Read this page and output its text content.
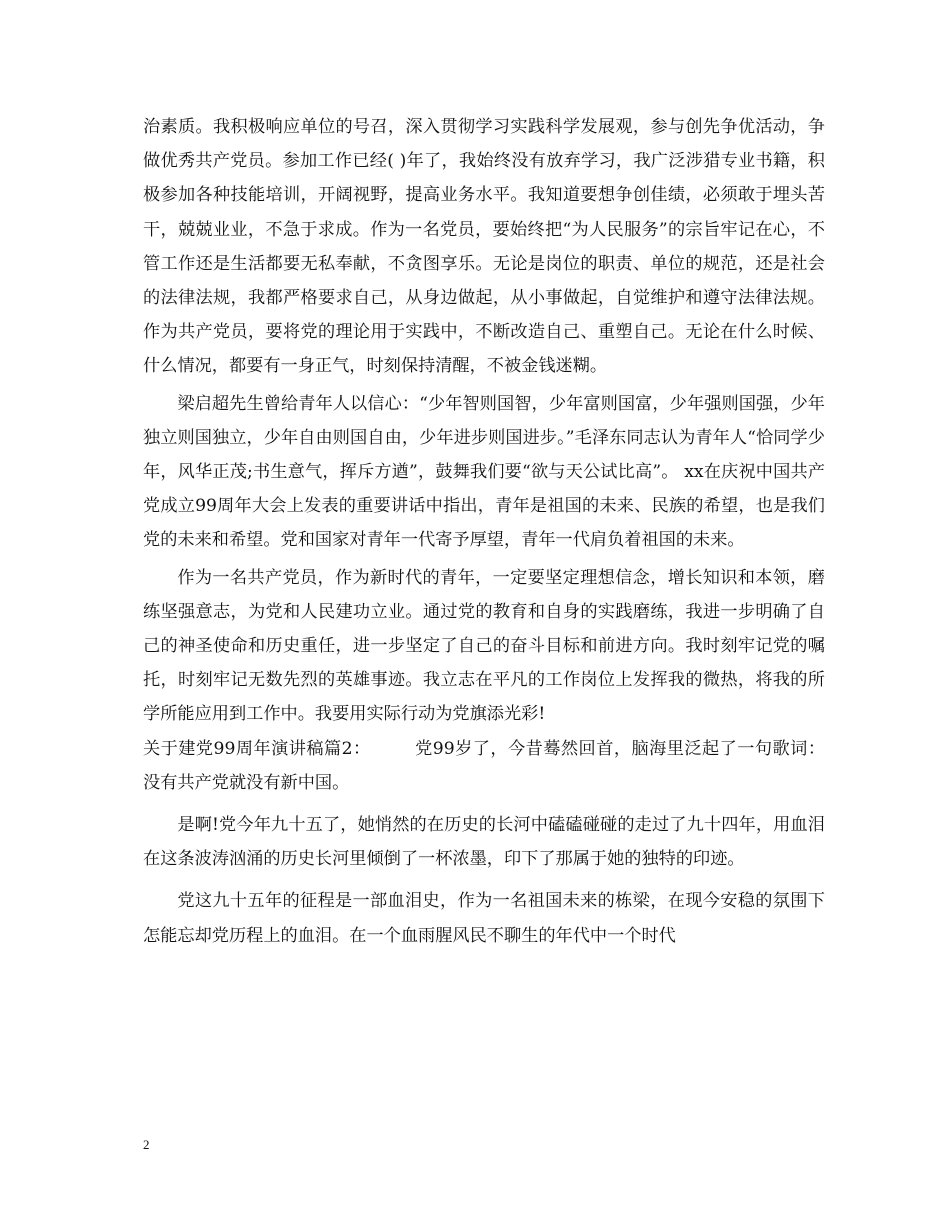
治素质。我积极响应单位的号召，深入贯彻学习实践科学发展观，参与创先争优活动，争做优秀共产党员。参加工作已经( )年了，我始终没有放弃学习，我广泛涉猎专业书籍，积极参加各种技能培训，开阔视野，提高业务水平。我知道要想争创佳绩，必须敢于埋头苦干，兢兢业业，不急于求成。作为一名党员，要始终把“为人民服务”的宗旨牢记在心，不管工作还是生活都要无私奉献，不贪图享乐。无论是岗位的职责、单位的规范，还是社会的法律法规，我都严格要求自己，从身边做起，从小事做起，自觉维护和遵守法律法规。作为共产党员，要将党的理论用于实践中，不断改造自己、重塑自己。无论在什么时候、什么情况，都要有一身正气，时刻保持清醒，不被金钱迷糊。

梁启超先生曾给青年人以信心：“少年智则国智，少年富则国富，少年强则国强，少年独立则国独立，少年自由则国自由，少年进步则国进步。”毛泽东同志认为青年人“恰同学少年，风华正茂;书生意气，挥斥方遒”，鼓舞我们要“欲与天公试比高”。 xx在庆祝中国共产党成立99周年大会上发表的重要讲话中指出，青年是祖国的未来、民族的希望，也是我们党的未来和希望。党和国家对青年一代寄予厚望，青年一代肩负着祖国的未来。

作为一名共产党员，作为新时代的青年，一定要坚定理想信念，增长知识和本领，磨练坚强意志，为党和人民建功立业。通过党的教育和自身的实践磨练，我进一步明确了自己的神圣使命和历史重任，进一步坚定了自己的奋斗目标和前进方向。我时刻牢记党的嘱托，时刻牢记无数先烈的英雄事迹。我立志在平凡的工作岗位上发挥我的微热，将我的所学所能应用到工作中。我要用实际行动为党旗添光彩!

关于建党99周年演讲稿篇2：	党99岁了，今昔蓦然回首，脑海里泛起了一句歌词：没有共产党就没有新中国。

是啊!党今年九十五了，她悄然的在历史的长河中磕磕碰碰的走过了九十四年，用血泪在这条波涛汹涌的历史长河里倾倒了一杯浓墨，印下了那属于她的独特的印迹。

党这九十五年的征程是一部血泪史，作为一名祖国未来的栋梁，在现今安稳的氛围下怎能忘却党历程上的血泪。在一个血雨腥风民不聊生的年代中一个时代

2
